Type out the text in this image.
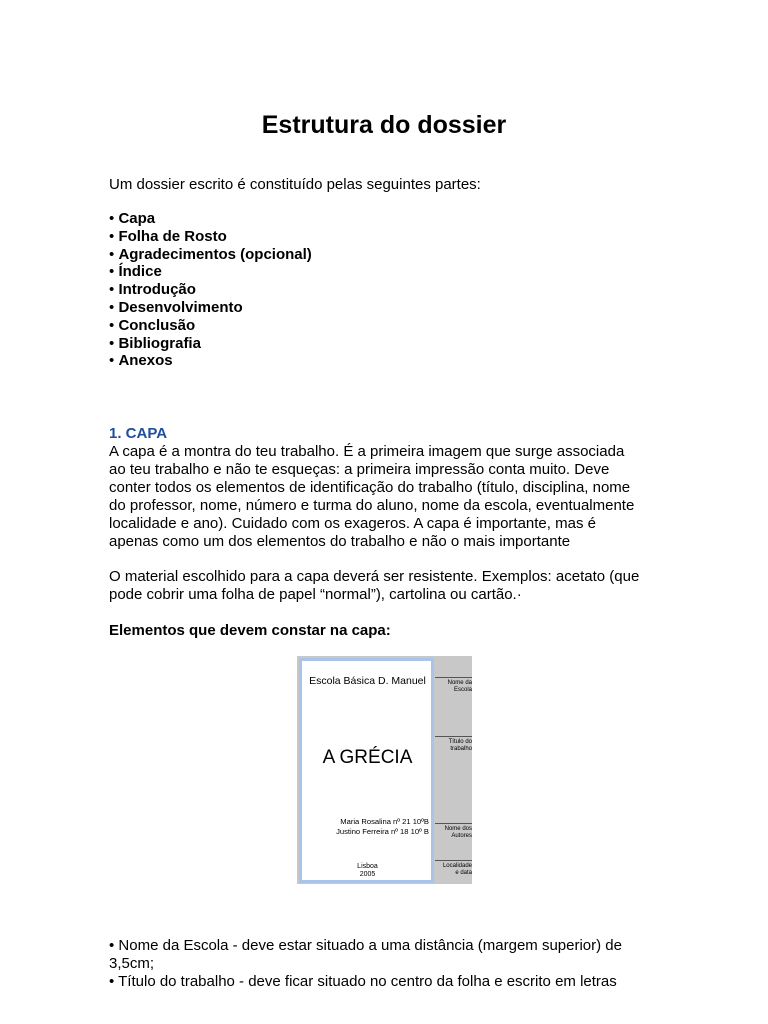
Estrutura do dossier

Um dossier escrito é constituído pelas seguintes partes:

• Capa
• Folha de Rosto
• Agradecimentos (opcional)
• Índice
• Introdução
• Desenvolvimento
• Conclusão
• Bibliografia
• Anexos
1. CAPA
A capa é a montra do teu trabalho. É a primeira imagem que surge associada
ao teu trabalho e não te esqueças: a primeira impressão conta muito. Deve
conter todos os elementos de identificação do trabalho (título, disciplina, nome
do professor, nome, número e turma do aluno, nome da escola, eventualmente
localidade e ano). Cuidado com os exageros. A capa é importante, mas é
apenas como um dos elementos do trabalho e não o mais importante
O material escolhido para a capa deverá ser resistente. Exemplos: acetato (que
pode cobrir uma folha de papel “normal”), cartolina ou cartão.·

Elementos que devem constar na capa:

Escola Básica D. Manuel
A GRÉCIA
Maria Rosalina nº 21 10ºB
Justino Ferreira nº 18 10º B
Lisboa
2005
Nome da
Escola
Título do
trabalho
Nome dos
Autores
Localidade
e data
• Nome da Escola - deve estar situado a uma distância (margem superior) de
3,5cm;
• Título do trabalho - deve ficar situado no centro da folha e escrito em letras
